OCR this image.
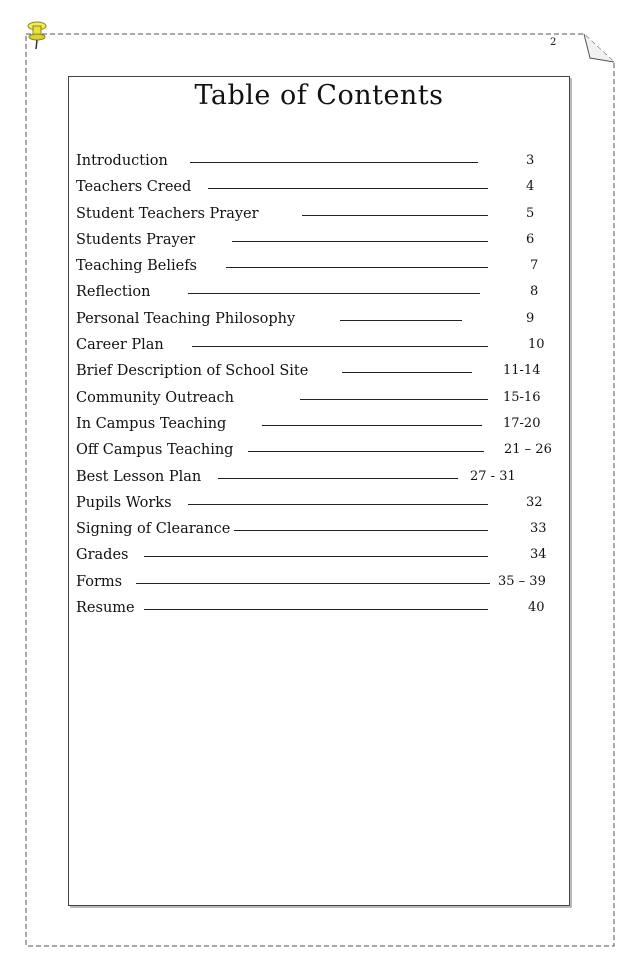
2
Table of Contents
Introduction	3
Teachers Creed	4
Student Teachers Prayer	5
Students Prayer	6
Teaching Beliefs	7
Reflection	8
Personal Teaching Philosophy	9
Career Plan	10
Brief Description of School Site	11-14
Community Outreach	15-16
In Campus Teaching	17-20
Off Campus Teaching	21 – 26
Best Lesson Plan	27 - 31
Pupils Works	32
Signing of Clearance	33
Grades	34
Forms	35 – 39
Resume	40
